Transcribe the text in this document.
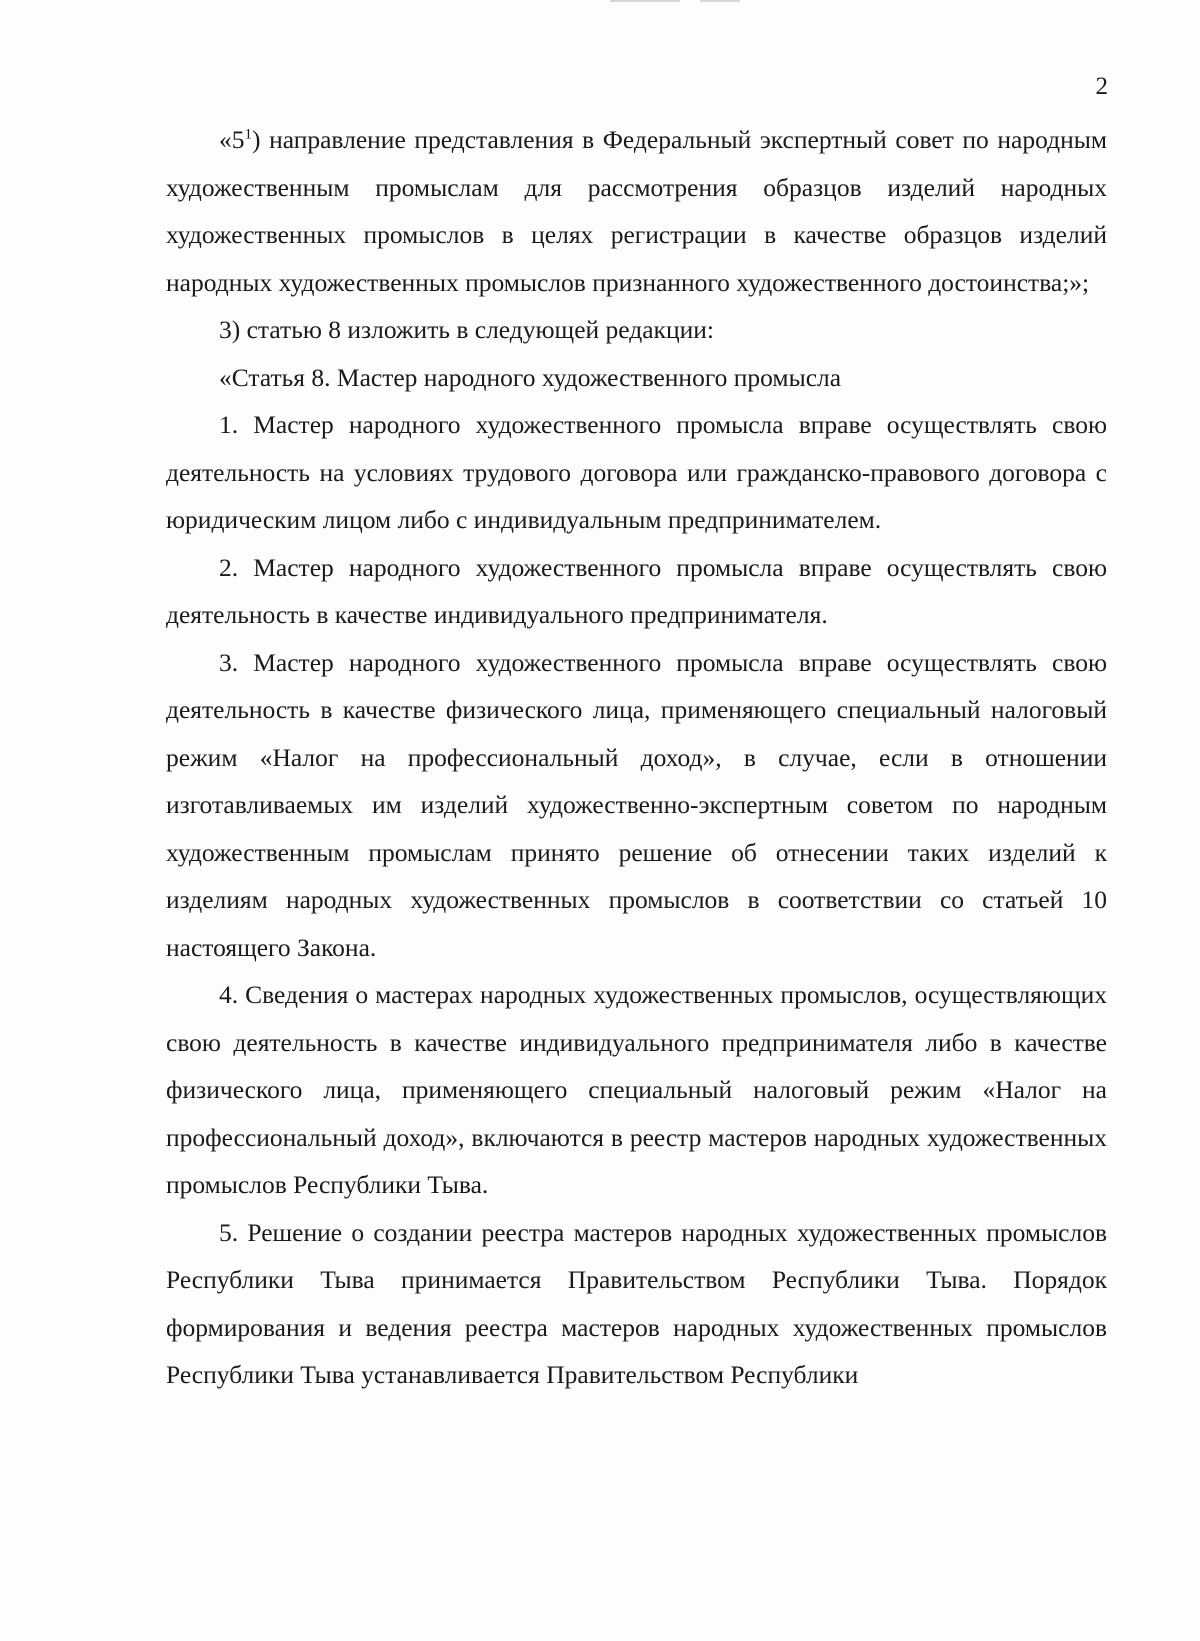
2

«$5^1$) направление представления в Федеральный экспертный совет по народным художественным промыслам для рассмотрения образцов изделий народных художественных промыслов в целях регистрации в качестве образцов изделий народных художественных промыслов признанного художественного достоинства;»;

3) статью 8 изложить в следующей редакции:

«Статья 8. Мастер народного художественного промысла

1. Мастер народного художественного промысла вправе осуществлять свою деятельность на условиях трудового договора или гражданско-правового договора с юридическим лицом либо с индивидуальным предпринимателем.

2. Мастер народного художественного промысла вправе осуществлять свою деятельность в качестве индивидуального предпринимателя.

3. Мастер народного художественного промысла вправе осуществлять свою деятельность в качестве физического лица, применяющего специальный налоговый режим «Налог на профессиональный доход», в случае, если в отношении изготавливаемых им изделий художественно-экспертным советом по народным художественным промыслам принято решение об отнесении таких изделий к изделиям народных художественных промыслов в соответствии со статьей 10 настоящего Закона.

4. Сведения о мастерах народных художественных промыслов, осуществляющих свою деятельность в качестве индивидуального предпринимателя либо в качестве физического лица, применяющего специальный налоговый режим «Налог на профессиональный доход», включаются в реестр мастеров народных художественных промыслов Республики Тыва.

5. Решение о создании реестра мастеров народных художественных промыслов Республики Тыва принимается Правительством Республики Тыва. Порядок формирования и ведения реестра мастеров народных художественных промыслов Республики Тыва устанавливается Правительством Республики
